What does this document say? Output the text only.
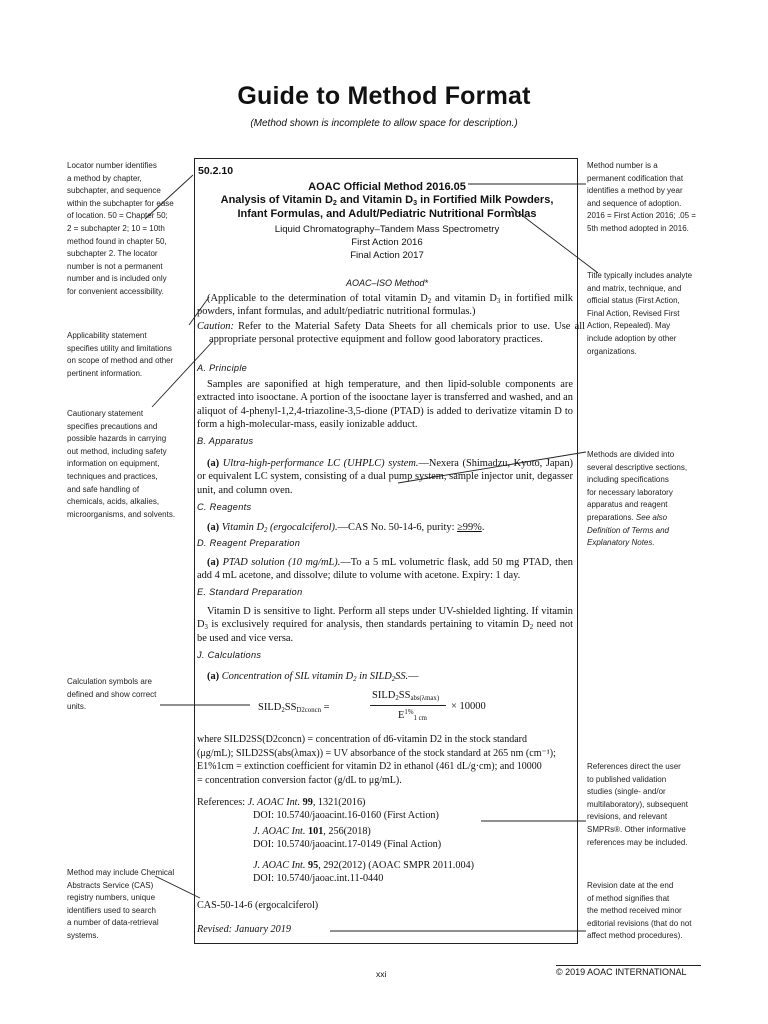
Guide to Method Format
(Method shown is incomplete to allow space for description.)
50.2.10
AOAC Official Method 2016.05
Analysis of Vitamin $D_2$ and Vitamin $D_3$ in Fortified Milk Powders,
Infant Formulas, and Adult/Pediatric Nutritional Formulas
Liquid Chromatography–Tandem Mass Spectrometry
First Action 2016
Final Action 2017
AOAC–ISO Method*
(Applicable to the determination of total vitamin $D_2$ and vitamin $D_3$ in fortified milk powders, infant formulas, and adult/pediatric nutritional formulas.)
Caution: Refer to the Material Safety Data Sheets for all chemicals prior to use. Use all appropriate personal protective equipment and follow good laboratory practices.
A. Principle
Samples are saponified at high temperature, and then lipid-soluble components are extracted into isooctane. A portion of the isooctane layer is transferred and washed, and an aliquot of 4-phenyl-1,2,4-triazoline-3,5-dione (PTAD) is added to derivatize vitamin D to form a high-molecular-mass, easily ionizable adduct.
B. Apparatus
(a) Ultra-high-performance LC (UHPLC) system.—Nexera (Shimadzu, Kyoto, Japan) or equivalent LC system, consisting of a dual pump system, sample injector unit, degasser unit, and column oven.
C. Reagents
(a) Vitamin $D_2$ (ergocalciferol).—CAS No. 50-14-6, purity: ≥99%.
D. Reagent Preparation
(a) PTAD solution (10 mg/mL).—To a 5 mL volumetric flask, add 50 mg PTAD, then add 4 mL acetone, and dissolve; dilute to volume with acetone. Expiry: 1 day.
E. Standard Preparation
Vitamin D is sensitive to light. Perform all steps under UV-shielded lighting. If vitamin $D_3$ is exclusively required for analysis, then standards pertaining to vitamin $D_2$ need not be used and vice versa.
J. Calculations
(a) Concentration of SIL vitamin $D_2$ in $SILD_2SS.—$
$SILD_2SS_{D2concn}$ =
$SILD_2SS_{abs(\lambda max)}$
$E^{1\%}_{1 cm}$
× 10000
where SILD2SS(D2concn) = concentration of d6-vitamin D2 in the stock standard
(μg/mL); SILD2SS(abs(λmax)) = UV absorbance of the stock standard at 265 nm (cm⁻¹);
E1%1cm = extinction coefficient for vitamin D2 in ethanol (461 dL/g·cm); and 10000
= concentration conversion factor (g/dL to μg/mL).
References: J. AOAC Int. 99, 1321(2016)
DOI: 10.5740/jaoacint.16-0160 (First Action)
J. AOAC Int. 101, 256(2018)
DOI: 10.5740/jaoacint.17-0149 (Final Action)
J. AOAC Int. 95, 292(2012) (AOAC SMPR 2011.004)
DOI: 10.5740/jaoac.int.11-0440
CAS-50-14-6 (ergocalciferol)
Revised: January 2019
Locator number identifies
a method by chapter,
subchapter, and sequence
within the subchapter for ease
of location. 50 = Chapter 50;
2 = subchapter 2; 10 = 10th
method found in chapter 50,
subchapter 2. The locator
number is not a permanent
number and is included only
for convenient accessibility.
Applicability statement
specifies utility and limitations
on scope of method and other
pertinent information.
Cautionary statement
specifies precautions and
possible hazards in carrying
out method, including safety
information on equipment,
techniques and practices,
and safe handling of
chemicals, acids, alkalies,
microorganisms, and solvents.
Calculation symbols are
defined and show correct
units.
Method may include Chemical
Abstracts Service (CAS)
registry numbers, unique
identifiers used to search
a number of data-retrieval
systems.
Method number is a
permanent codification that
identifies a method by year
and sequence of adoption.
2016 = First Action 2016; .05 =
5th method adopted in 2016.
Title typically includes analyte
and matrix, technique, and
official status (First Action,
Final Action, Revised First
Action, Repealed). May
include adoption by other
organizations.
Methods are divided into
several descriptive sections,
including specifications
for necessary laboratory
apparatus and reagent
preparations. See also
Definition of Terms and
Explanatory Notes.
References direct the user
to published validation
studies (single- and/or
multilaboratory), subsequent
revisions, and relevant
SMPRs®. Other informative
references may be included.
Revision date at the end
of method signifies that
the method received minor
editorial revisions (that do not
affect method procedures).
xxi	© 2019 AOAC INTERNATIONAL
